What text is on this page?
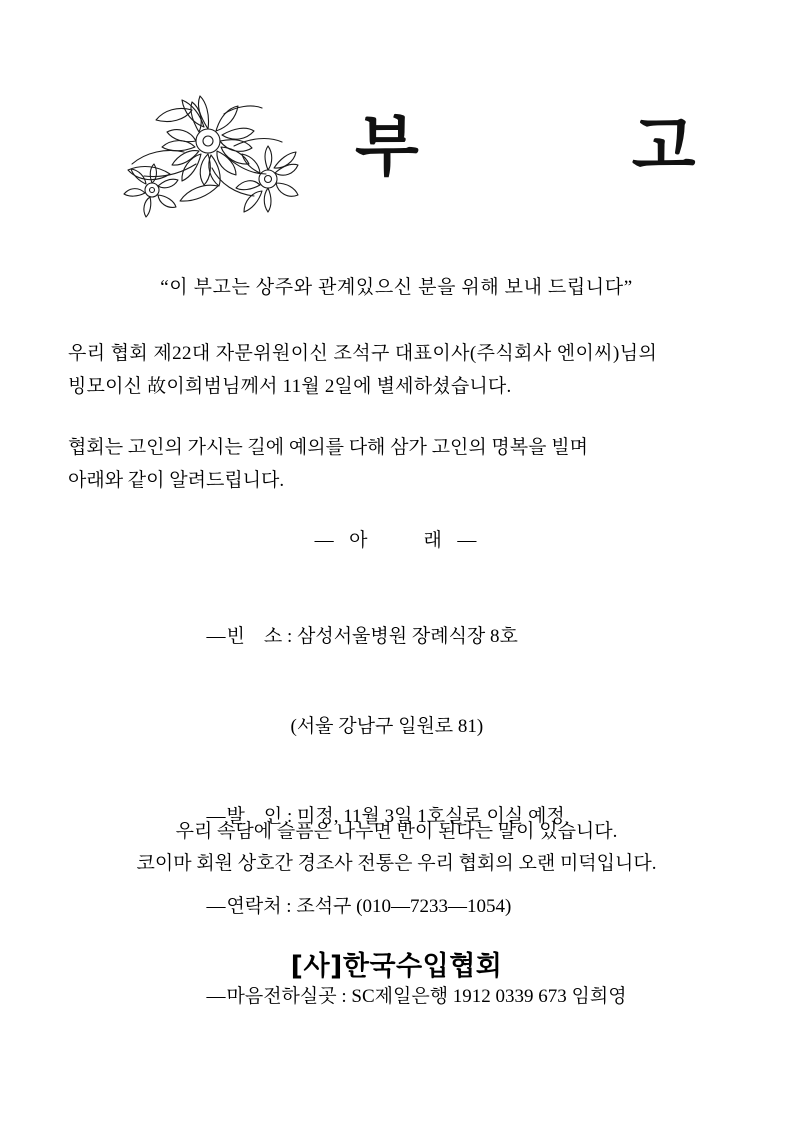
부   고
“이 부고는 상주와 관계있으신 분을 위해 보내 드립니다”
우리 협회 제22대 자문위원이신 조석구 대표이사(주식회사 엔이씨)님의
빙모이신 故이희범님께서 11월 2일에 별세하셨습니다.
협회는 고인의 가시는 길에 예의를 다해 삼가 고인의 명복을 빌며
아래와 같이 알려드립니다.
—  아        래  —

—빈    소 : 삼성서울병원 장례식장 8호

(서울 강남구 일원로 81)

—발    인 : 미정, 11월 3일 1호실로 이실 예정

—연락처 : 조석구 (010—7233—1054)

—마음전하실곳 : SC제일은행 1912 0339 673 임희영

우리 속담에 슬픔은 나누면 반이 된다는 말이 있습니다.
코이마 회원 상호간 경조사 전통은 우리 협회의 오랜 미덕입니다.
[사]한국수입협회
